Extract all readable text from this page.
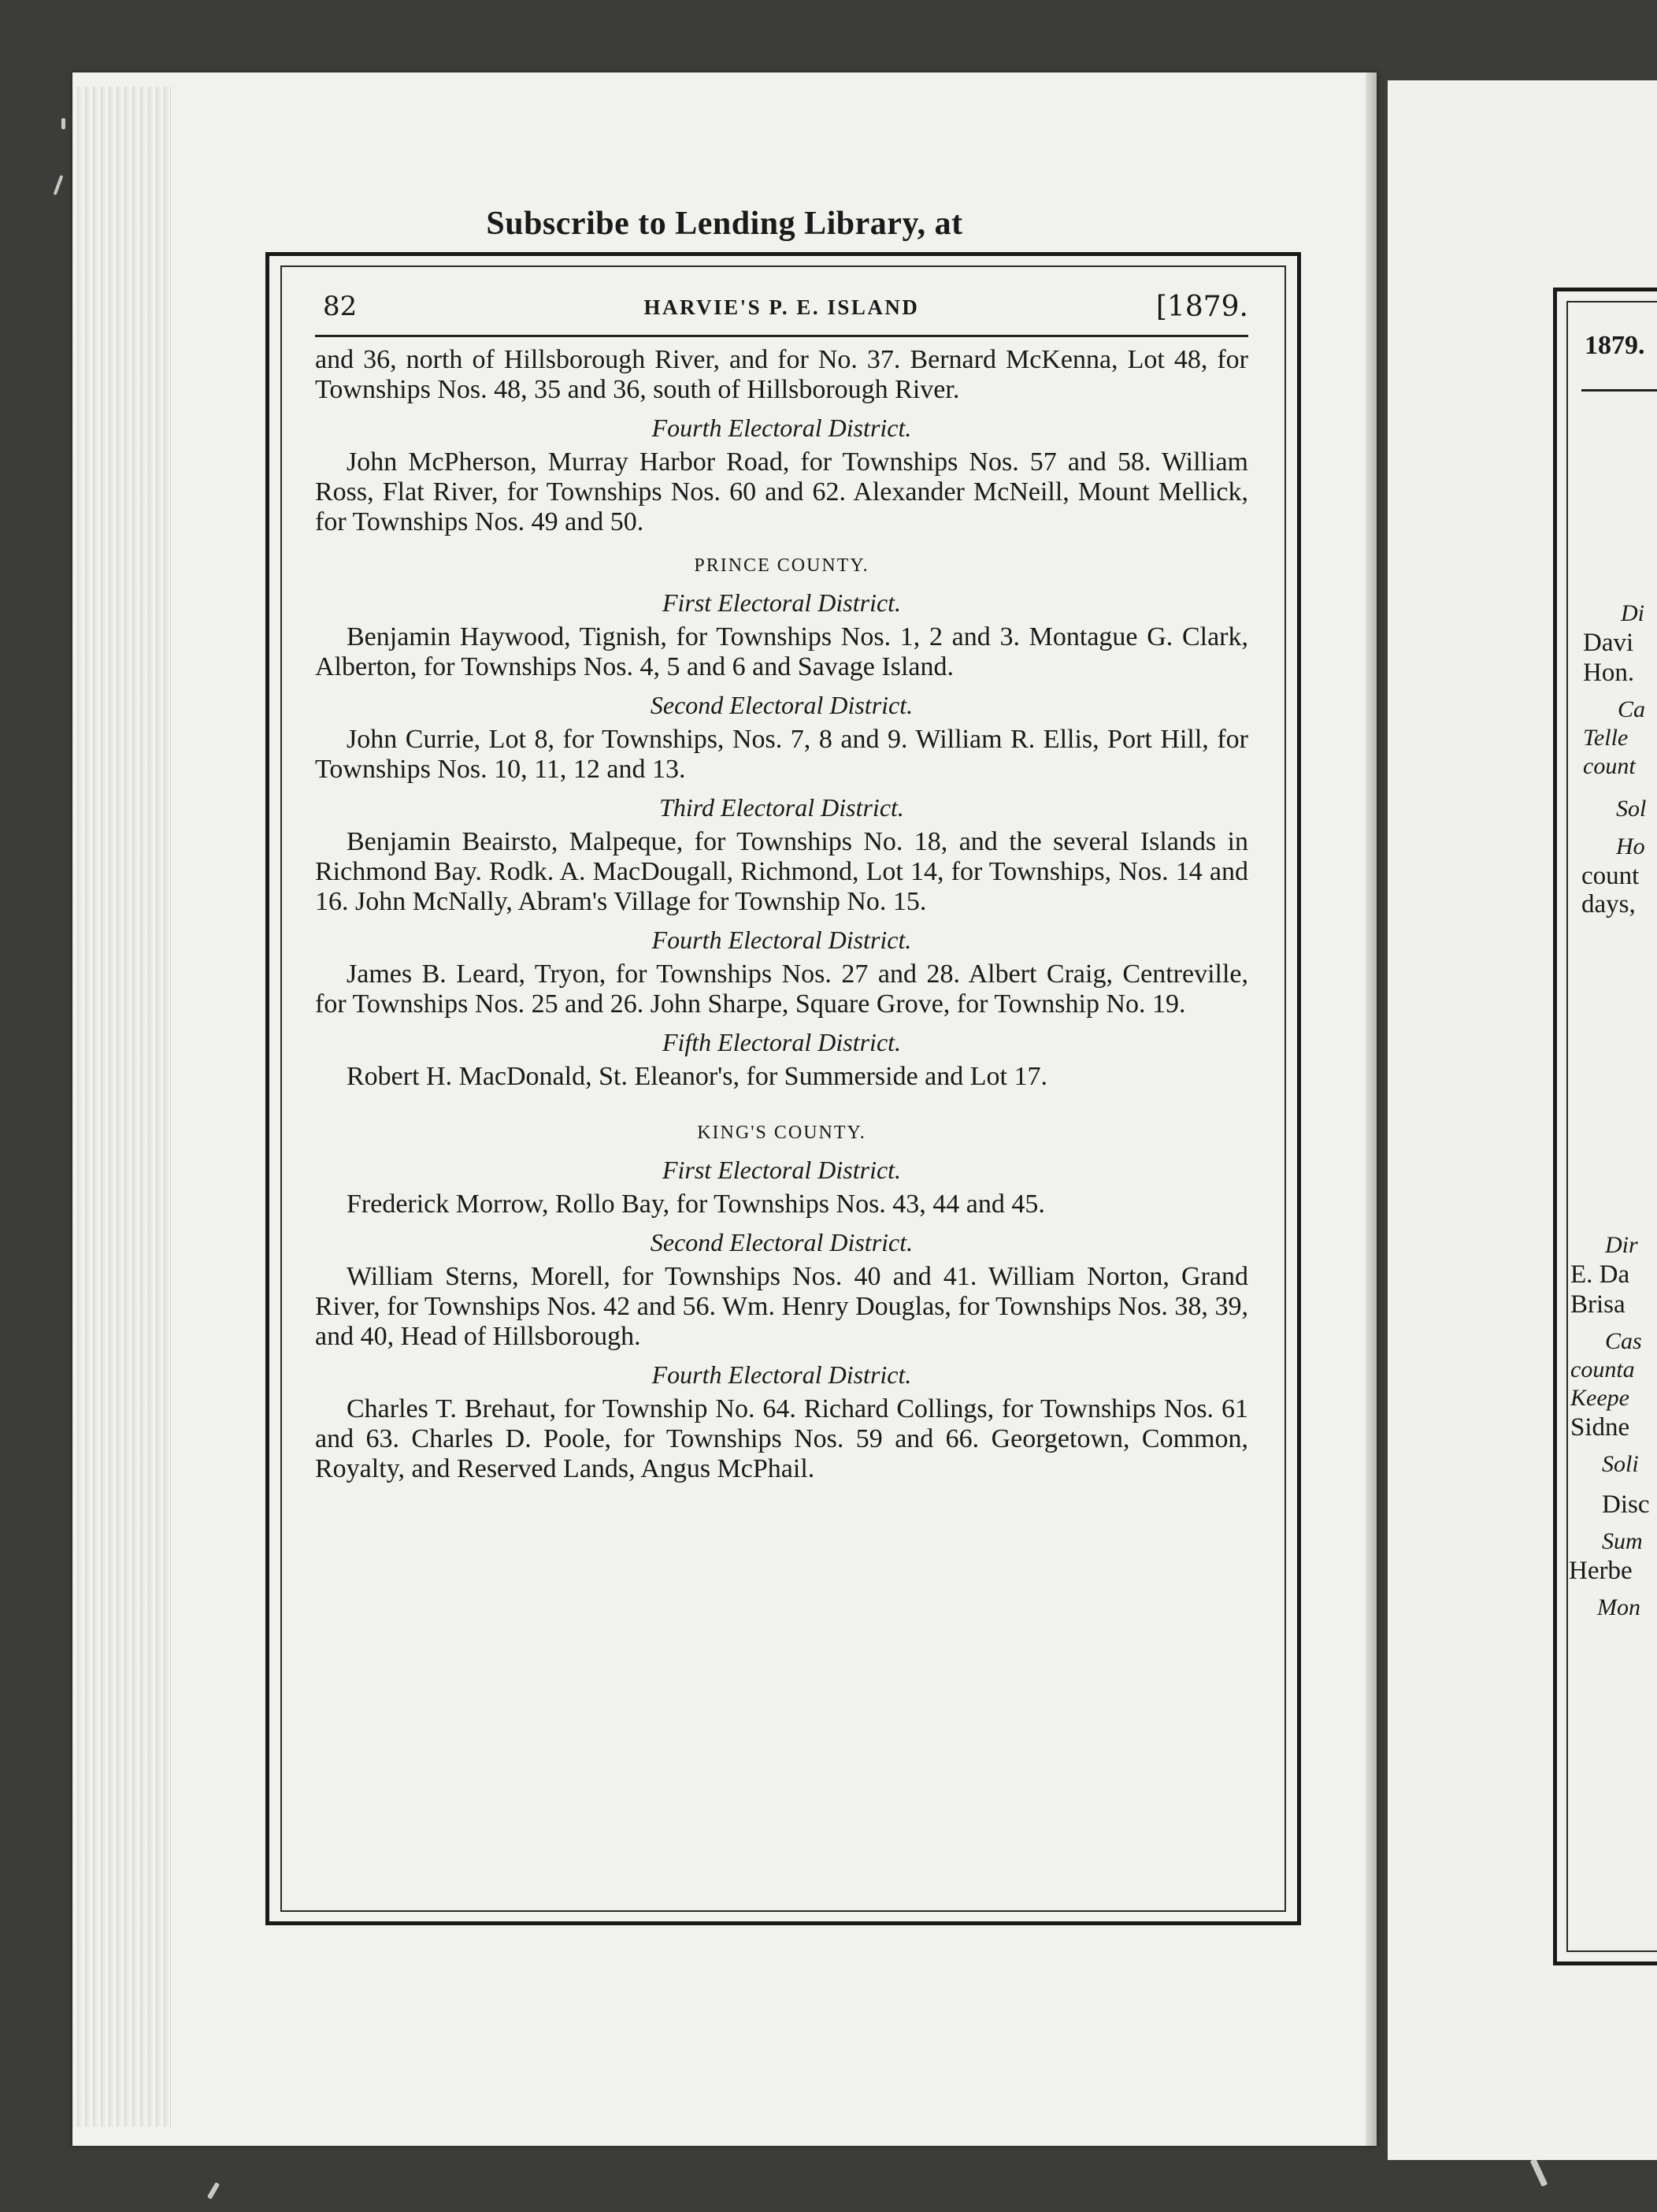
Subscribe to Lending Library, at
82	HARVIE'S P. E. ISLAND	[1879.

and 36, north of Hillsborough River, and for No. 37. Bernard McKenna, Lot 48, for Townships Nos. 48, 35 and 36, south of Hillsborough River.

Fourth Electoral District.

John McPherson, Murray Harbor Road, for Townships Nos. 57 and 58. William Ross, Flat River, for Townships Nos. 60 and 62. Alexander McNeill, Mount Mellick, for Townships Nos. 49 and 50.

PRINCE COUNTY.
First Electoral District.

Benjamin Haywood, Tignish, for Townships Nos. 1, 2 and 3. Montague G. Clark, Alberton, for Townships Nos. 4, 5 and 6 and Savage Island.

Second Electoral District.

John Currie, Lot 8, for Townships, Nos. 7, 8 and 9. William R. Ellis, Port Hill, for Townships Nos. 10, 11, 12 and 13.

Third Electoral District.

Benjamin Beairsto, Malpeque, for Townships No. 18, and the several Islands in Richmond Bay. Rodk. A. MacDougall, Richmond, Lot 14, for Townships, Nos. 14 and 16. John McNally, Abram's Village for Township No. 15.

Fourth Electoral District.

James B. Leard, Tryon, for Townships Nos. 27 and 28. Albert Craig, Centreville, for Townships Nos. 25 and 26. John Sharpe, Square Grove, for Township No. 19.

Fifth Electoral District.

Robert H. MacDonald, St. Eleanor's, for Summerside and Lot 17.

KING'S COUNTY.
First Electoral District.

Frederick Morrow, Rollo Bay, for Townships Nos. 43, 44 and 45.

Second Electoral District.

William Sterns, Morell, for Townships Nos. 40 and 41. William Norton, Grand River, for Townships Nos. 42 and 56. Wm. Henry Douglas, for Townships Nos. 38, 39, and 40, Head of Hillsborough.

Fourth Electoral District.

Charles T. Brehaut, for Township No. 64. Richard Collings, for Townships Nos. 61 and 63. Charles D. Poole, for Townships Nos. 59 and 66. Georgetown, Common, Royalty, and Reserved Lands, Angus McPhail.

1879.
Di
Davi
Hon.
Ca
Telle
count
Sol
Ho
count
days,
Dir
E. Da
Brisa
Cas
counta
Keepe
Sidne
Soli
Disc
Sum
Herbe
Mon
